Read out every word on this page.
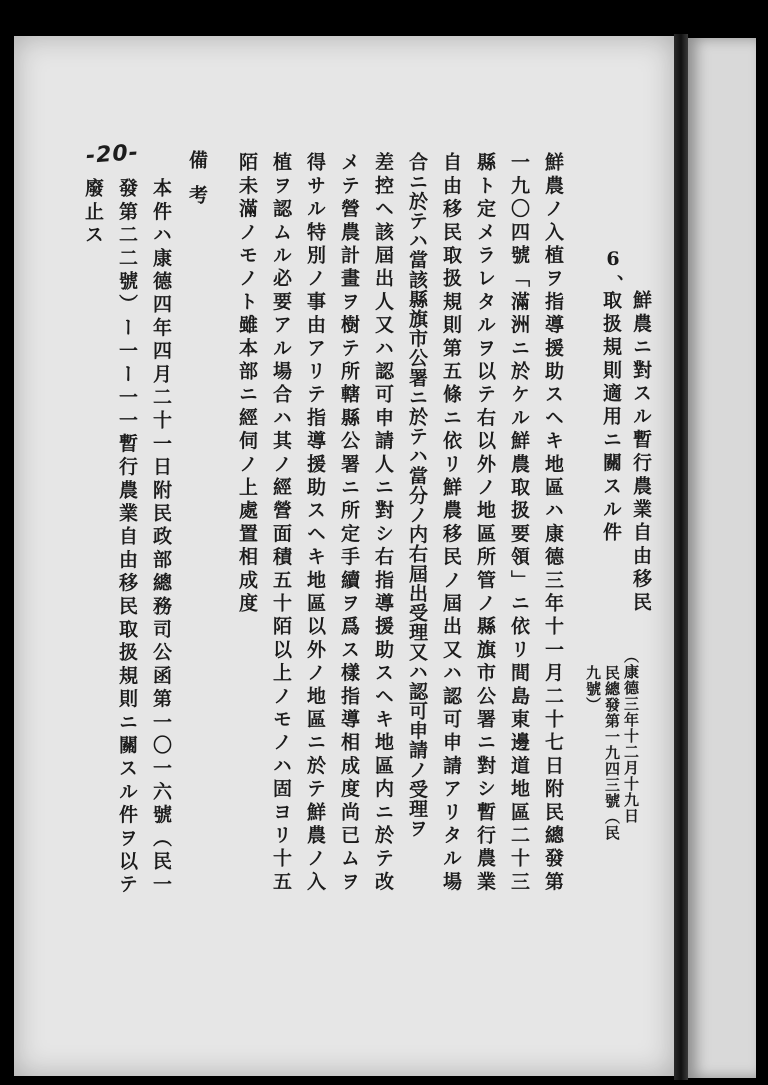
6、
鮮農ニ對スル暫行農業自由移民
取扱規則適用ニ關スル件
（康德三年十二月十九日
民總發第一九四三號（民
九號）
鮮農ノ入植ヲ指導援助スヘキ地區ハ康德三年十一月二十七日附民總發第
一九〇四號「滿洲ニ於ケル鮮農取扱要領」ニ依リ間島東邊道地區二十三
縣ト定メラレタルヲ以テ右以外ノ地區所管ノ縣旗市公署ニ對シ暫行農業
自由移民取扱規則第五條ニ依リ鮮農移民ノ屆出又ハ認可申請アリタル場
合ニ於テハ當該縣旗市公署ニ於テハ當分ノ内右屆出受理又ハ認可申請ノ受理ヲ
差控ヘ該屆出人又ハ認可申請人ニ對シ右指導援助スヘキ地區内ニ於テ改
メテ營農計畫ヲ樹テ所轄縣公署ニ所定手續ヲ爲ス樣指導相成度尚已ムヲ
得サル特別ノ事由アリテ指導援助スヘキ地區以外ノ地區ニ於テ鮮農ノ入
植ヲ認ムル必要アル場合ハ其ノ經營面積五十陌以上ノモノハ固ヨリ十五
陌未滿ノモノト雖本部ニ經伺ノ上處置相成度
備考
本件ハ康德四年四月二十一日附民政部總務司公函第一〇一六號（民一
發第二二號）ー一ー一一暫行農業自由移民取扱規則ニ關スル件ヲ以テ
廢止ス
-20-
